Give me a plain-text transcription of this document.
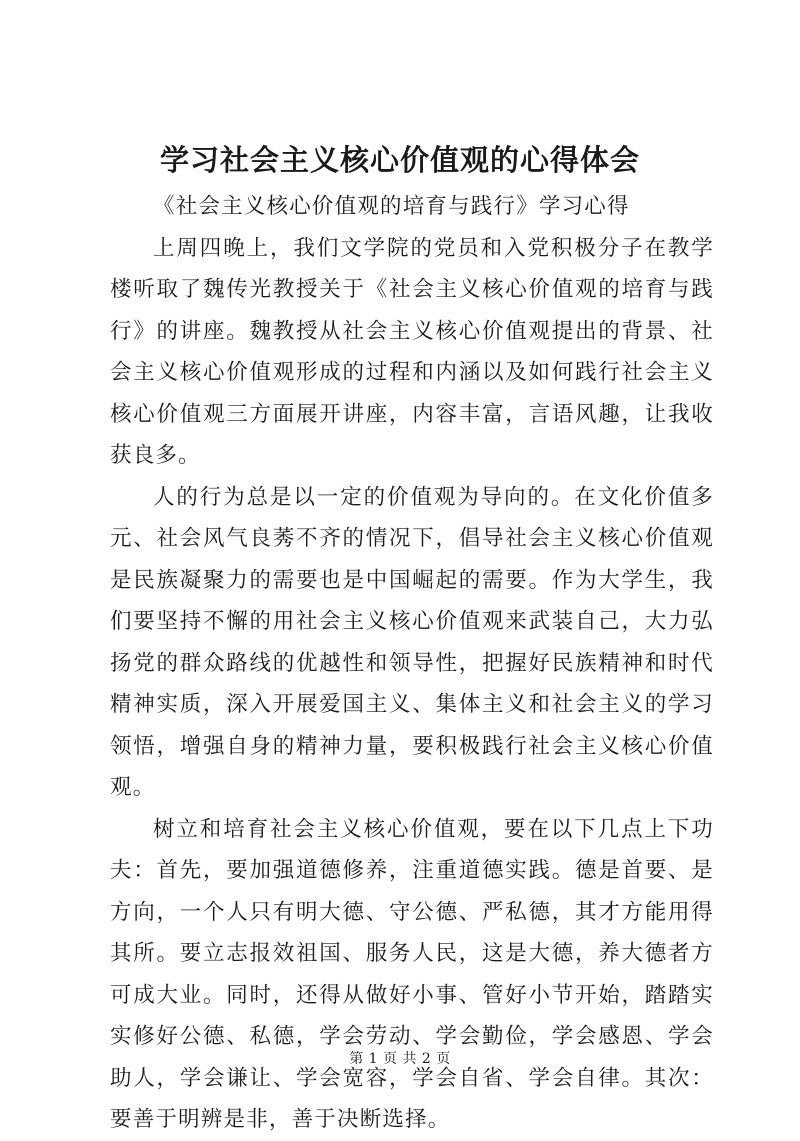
学习社会主义核心价值观的心得体会

《社会主义核心价值观的培育与践行》学习心得

上周四晚上，我们文学院的党员和入党积极分子在教学楼听取了魏传光教授关于《社会主义核心价值观的培育与践行》的讲座。魏教授从社会主义核心价值观提出的背景、社会主义核心价值观形成的过程和内涵以及如何践行社会主义核心价值观三方面展开讲座，内容丰富，言语风趣，让我收获良多。

人的行为总是以一定的价值观为导向的。在文化价值多元、社会风气良莠不齐的情况下，倡导社会主义核心价值观是民族凝聚力的需要也是中国崛起的需要。作为大学生，我们要坚持不懈的用社会主义核心价值观来武装自己，大力弘扬党的群众路线的优越性和领导性，把握好民族精神和时代精神实质，深入开展爱国主义、集体主义和社会主义的学习领悟，增强自身的精神力量，要积极践行社会主义核心价值观。

树立和培育社会主义核心价值观，要在以下几点上下功夫：首先，要加强道德修养，注重道德实践。德是首要、是方向，一个人只有明大德、守公德、严私德，其才方能用得其所。要立志报效祖国、服务人民，这是大德，养大德者方可成大业。同时，还得从做好小事、管好小节开始，踏踏实实修好公德、私德，学会劳动、学会勤俭，学会感恩、学会助人，学会谦让、学会宽容，学会自省、学会自律。其次：要善于明辨是非，善于决断选择。

第 1 页 共 2 页
